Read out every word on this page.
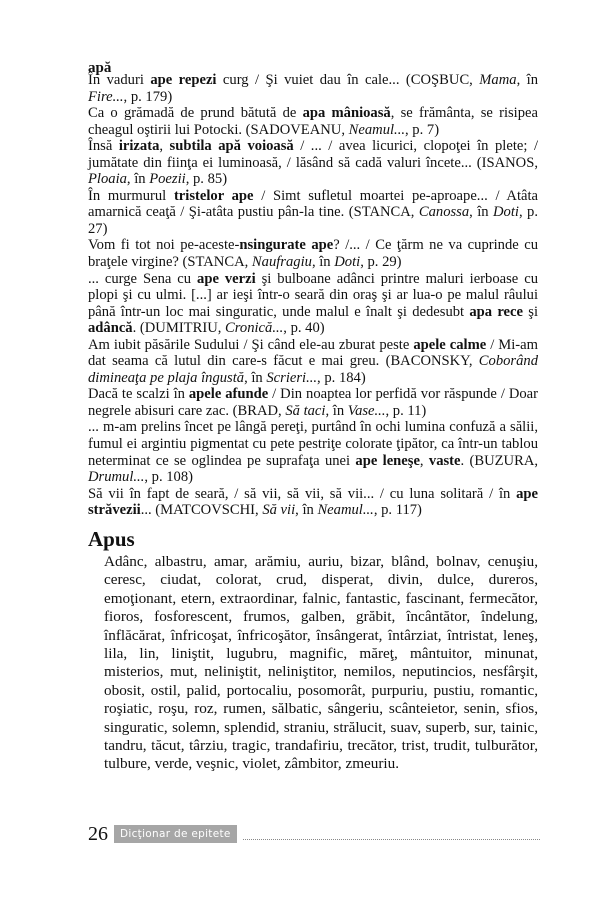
apă

În vaduri ape repezi curg / Şi vuiet dau în cale... (COŞBUC, Mama, în Fire..., p. 179)

Ca o grămadă de prund bătută de apa mânioasă, se frământa, se risipea cheagul oştirii lui Potocki. (SADOVEANU, Neamul..., p. 7)

Însă irizata, subtila apă voioasă / ... / avea licurici, clopoţei în plete; / jumătate din fiinţa ei luminoasă, / lăsând să cadă valuri încete... (ISANOS, Ploaia, în Poezii, p. 85)

În murmurul tristelor ape / Simt sufletul moartei pe-aproape... / Atâta amarnică ceaţă / Şi-atâta pustiu pân-la tine. (STANCA, Canossa, în Doti, p. 27)

Vom fi tot noi pe-aceste-nsingurate ape? /... / Ce ţărm ne va cuprinde cu braţele virgine? (STANCA, Naufragiu, în Doti, p. 29)

... curge Sena cu ape verzi şi bulboane adânci printre maluri ierboase cu plopi şi cu ulmi. [...] ar ieşi într-o seară din oraş şi ar lua-o pe malul râului până într-un loc mai singuratic, unde malul e înalt şi dedesubt apa rece şi adâncă. (DUMITRIU, Cronică..., p. 40)

Am iubit păsările Sudului / Şi când ele-au zburat peste apele calme / Mi-am dat seama că lutul din care-s făcut e mai greu. (BACONSKY, Coborând dimineaţa pe plaja îngustă, în Scrieri..., p. 184)

Dacă te scalzi în apele afunde / Din noaptea lor perfidă vor răspunde / Doar negrele abisuri care zac. (BRAD, Să taci, în Vase..., p. 11)

... m-am prelins încet pe lângă pereţi, purtând în ochi lumina confuză a sălii, fumul ei argintiu pigmentat cu pete pestriţe colorate ţipător, ca într-un tablou neterminat ce se oglindea pe suprafaţa unei ape leneşe, vaste. (BUZURA, Drumul..., p. 108)

Să vii în fapt de seară, / să vii, să vii, să vii... / cu luna solitară / în ape străvezii... (MATCOVSCHI, Să vii, în Neamul..., p. 117)

Apus
Adânc, albastru, amar, arămiu, auriu, bizar, blând, bolnav, cenuşiu, ceresc, ciudat, colorat, crud, disperat, divin, dulce, dureros, emoţionant, etern, extraordinar, falnic, fantastic, fascinant, fermecător, fioros, fosforescent, frumos, galben, grăbit, încântător, îndelung, înflăcărat, înfricoşat, înfricoşător, însângerat, întârziat, întristat, leneş, lila, lin, liniştit, lugubru, magnific, măreţ, mântuitor, minunat, misterios, mut, neliniştit, neliniştitor, nemilos, neputincios, nesfârşit, obosit, ostil, palid, portocaliu, posomorât, purpuriu, pustiu, romantic, roşiatic, roşu, roz, rumen, sălbatic, sângeriu, scânteietor, senin, sfios, singuratic, solemn, splendid, straniu, strălucit, suav, superb, sur, tainic, tandru, tăcut, târziu, tragic, trandafiriu, trecător, trist, trudit, tulburător, tulbure, verde, veşnic, violet, zâmbitor, zmeuriu.
26	Dicţionar de epitete
